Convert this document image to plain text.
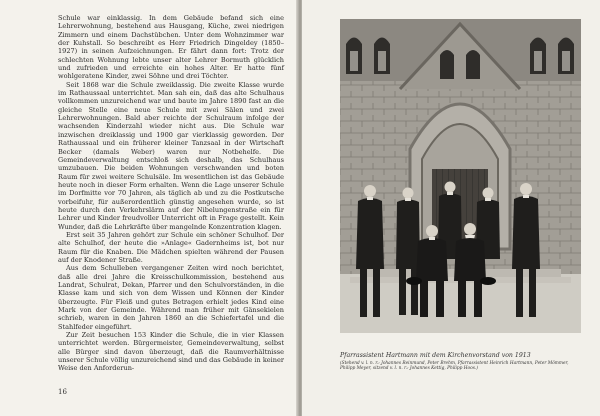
Schule war einklassig. In dem Gebäude befand sich eine Lehrerwohnung, bestehend aus Hausgang, Küche, zwei niedrigen Zimmern und einem Dachstübchen. Unter dem Wohnzimmer war der Kuhstall. So beschreibt es Herr Friedrich Dingeldey (1850–1927) in seinen Aufzeichnungen. Er fährt dann fort: Trotz der schlechten Wohnung lebte unser alter Lehrer Bormuth glücklich und zufrieden und erreichte ein hohes Alter. Er hatte fünf wohlgeratene Kinder, zwei Söhne und drei Töchter.

Seit 1868 war die Schule zweiklassig. Die zweite Klasse wurde im Rathaussaal unterrichtet. Man sah ein, daß das alte Schulhaus vollkommen unzureichend war und baute im Jahre 1890 fast an die gleiche Stelle eine neue Schule mit zwei Sälen und zwei Lehrerwohnungen. Bald aber reichte der Schulraum infolge der wachsenden Kinderzahl wieder nicht aus. Die Schule war inzwischen dreiklassig und 1900 gar vierklassig geworden. Der Rathaussaal und ein früherer kleiner Tanzsaal in der Wirtschaft Becker (damals Weber) waren nur Notbehelfe. Die Gemeindeverwaltung entschloß sich deshalb, das Schulhaus umzubauen. Die beiden Wohnungen verschwanden und boten Raum für zwei weitere Schulsäle. Im wesentlichen ist das Gebäude heute noch in dieser Form erhalten. Wenn die Lage unserer Schule im Dorfmitte vor 70 Jahren, als täglich ab und zu die Postkutsche vorbeifuhr, für außerordentlich günstig angesehen wurde, so ist heute durch den Verkehrslärm auf der Nibelungenstraße ein für Lehrer und Kinder freudvoller Unterricht oft in Frage gestellt. Kein Wunder, daß die Lehrkräfte über mangelnde Konzentration klagen.

Erst seit 35 Jahren gehört zur Schule ein schöner Schulhof. Der alte Schulhof, der heute die »Anlage« Gadernheims ist, bot nur Raum für die Knaben. Die Mädchen spielten während der Pausen auf der Knodener Straße.

Aus dem Schulleben vergangener Zeiten wird noch berichtet, daß alle drei Jahre die Kreisschulkommission, bestehend aus Landrat, Schulrat, Dekan, Pfarrer und den Schulvorständen, in die Klasse kam und sich von dem Wissen und Können der Kinder überzeugte. Für Fleiß und gutes Betragen erhielt jedes Kind eine Mark von der Gemeinde. Während man früher mit Gänsekielen schrieb, waren in den Jahren 1860 an die Schiefertafel und die Stahlfeder eingeführt.

Zur Zeit besuchen 153 Kinder die Schule, die in vier Klassen unterrichtet werden. Bürgermeister, Gemeindeverwaltung, selbst alle Bürger sind davon überzeugt, daß die Raumverhältnisse unserer Schule völlig unzureichend sind und das Gebäude in keiner Weise den Anforderun-

16
Pfarrassistent Hartmann mit dem Kirchenvorstand von 1913
(Stehend v. l. n. r.: Johannes Reinmund, Peter Brehm, Pfarrassistent Heinrich Hartmann, Peter Mömmer, Philipp Meyer, sitzend v. l. n. r.: Johannes Kettig, Philipp Hoos.)
